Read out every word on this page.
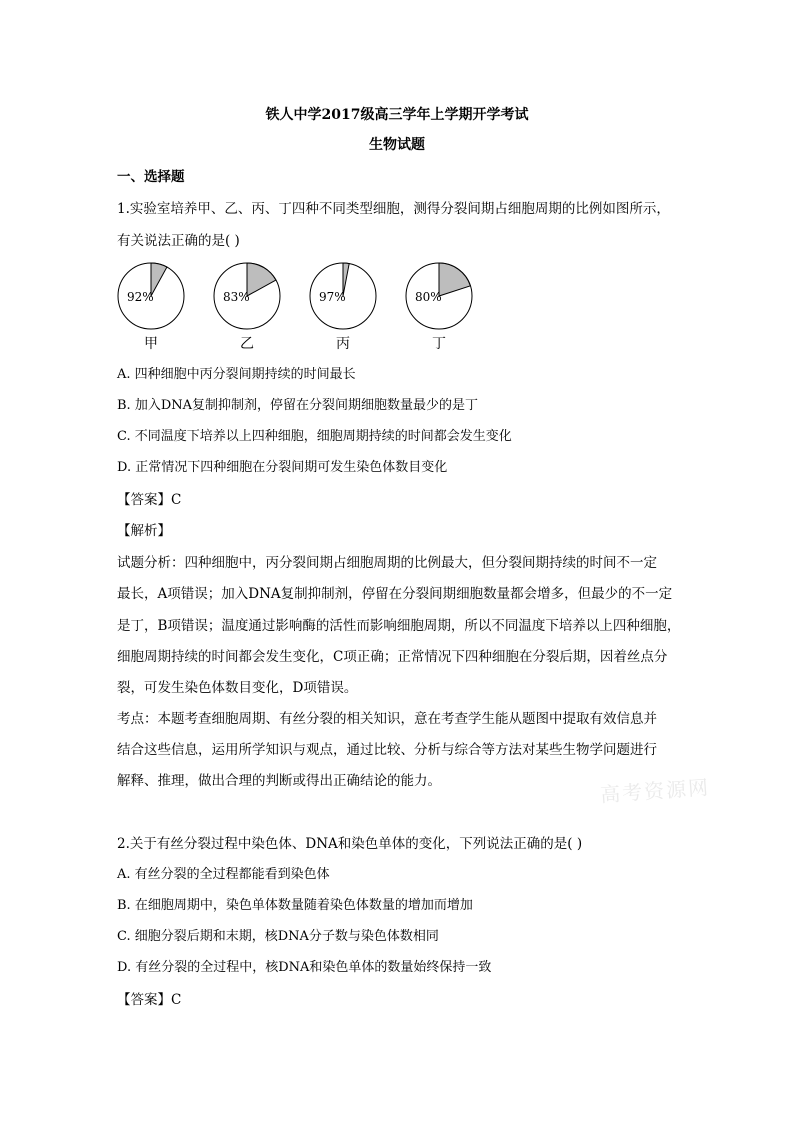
铁人中学2017级高三学年上学期开学考试
生物试题
一、选择题
1.实验室培养甲、乙、丙、丁四种不同类型细胞，测得分裂间期占细胞周期的比例如图所示，
有关说法正确的是( )
92%
甲
83%
乙
97%
丙
80%
丁
A. 四种细胞中丙分裂间期持续的时间最长
B. 加入DNA复制抑制剂，停留在分裂间期细胞数量最少的是丁
C. 不同温度下培养以上四种细胞，细胞周期持续的时间都会发生变化
D. 正常情况下四种细胞在分裂间期可发生染色体数目变化
【答案】C
【解析】
试题分析：四种细胞中，丙分裂间期占细胞周期的比例最大，但分裂间期持续的时间不一定
最长，A项错误；加入DNA复制抑制剂，停留在分裂间期细胞数量都会增多，但最少的不一定
是丁，B项错误；温度通过影响酶的活性而影响细胞周期，所以不同温度下培养以上四种细胞，
细胞周期持续的时间都会发生变化，C项正确；正常情况下四种细胞在分裂后期，因着丝点分
裂，可发生染色体数目变化，D项错误。
考点：本题考查细胞周期、有丝分裂的相关知识，意在考查学生能从题图中提取有效信息并
结合这些信息，运用所学知识与观点，通过比较、分析与综合等方法对某些生物学问题进行
解释、推理，做出合理的判断或得出正确结论的能力。	高考资源网
2.关于有丝分裂过程中染色体、DNA和染色单体的变化，下列说法正确的是( )
A. 有丝分裂的全过程都能看到染色体
B. 在细胞周期中，染色单体数量随着染色体数量的增加而增加
C. 细胞分裂后期和末期，核DNA分子数与染色体数相同
D. 有丝分裂的全过程中，核DNA和染色单体的数量始终保持一致
【答案】C
